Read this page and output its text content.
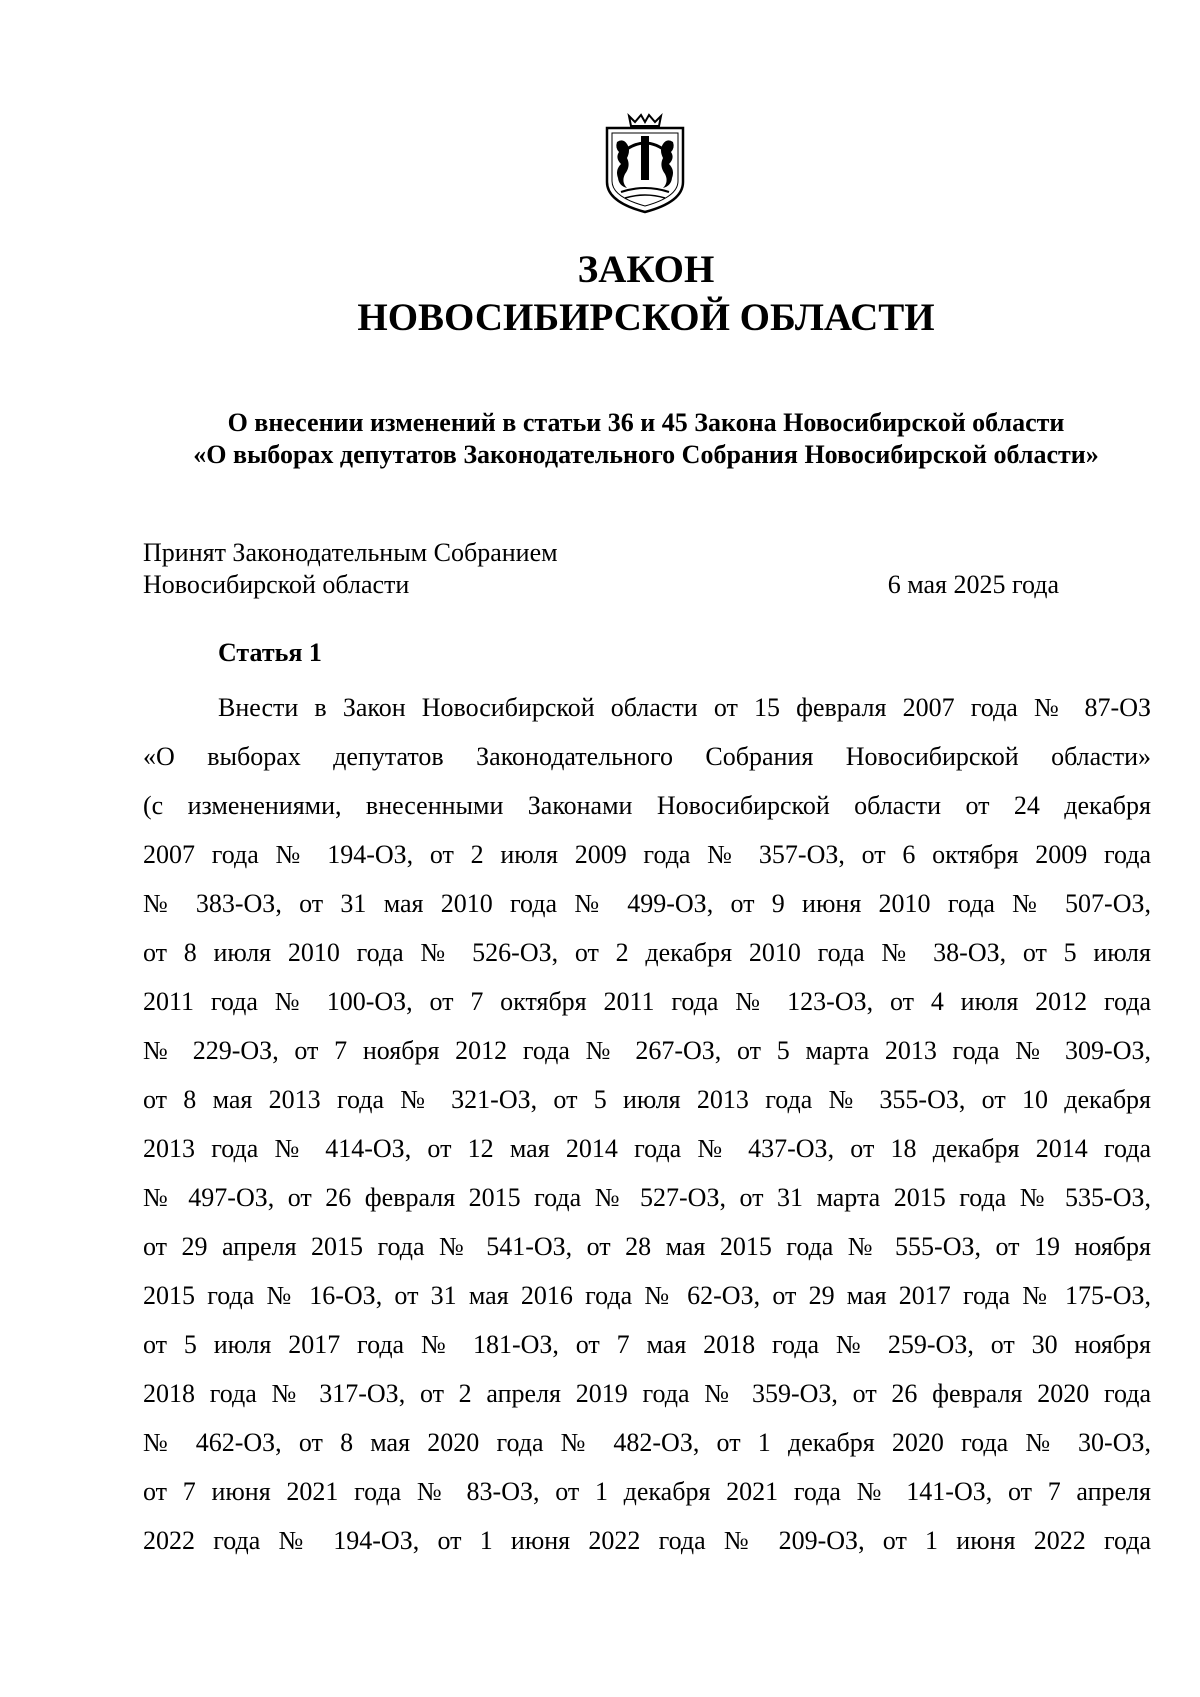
ЗАКОН
НОВОСИБИРСКОЙ ОБЛАСТИ
О внесении изменений в статьи 36 и 45 Закона Новосибирской области
«О выборах депутатов Законодательного Собрания Новосибирской области»
Принят Законодательным Собранием
Новосибирской области	6 мая 2025 года
Статья 1
Внести в Закон Новосибирской области от 15 февраля 2007 года № 87-ОЗ
«О выборах депутатов Законодательного Собрания Новосибирской области»
(с изменениями, внесенными Законами Новосибирской области от 24 декабря
2007 года № 194-ОЗ, от 2 июля 2009 года № 357-ОЗ, от 6 октября 2009 года
№ 383-ОЗ, от 31 мая 2010 года № 499-ОЗ, от 9 июня 2010 года № 507-ОЗ,
от 8 июля 2010 года № 526-ОЗ, от 2 декабря 2010 года № 38-ОЗ, от 5 июля
2011 года № 100-ОЗ, от 7 октября 2011 года № 123-ОЗ, от 4 июля 2012 года
№ 229-ОЗ, от 7 ноября 2012 года № 267-ОЗ, от 5 марта 2013 года № 309-ОЗ,
от 8 мая 2013 года № 321-ОЗ, от 5 июля 2013 года № 355-ОЗ, от 10 декабря
2013 года № 414-ОЗ, от 12 мая 2014 года № 437-ОЗ, от 18 декабря 2014 года
№ 497-ОЗ, от 26 февраля 2015 года № 527-ОЗ, от 31 марта 2015 года № 535-ОЗ,
от 29 апреля 2015 года № 541-ОЗ, от 28 мая 2015 года № 555-ОЗ, от 19 ноября
2015 года № 16-ОЗ, от 31 мая 2016 года № 62-ОЗ, от 29 мая 2017 года № 175-ОЗ,
от 5 июля 2017 года № 181-ОЗ, от 7 мая 2018 года № 259-ОЗ, от 30 ноября
2018 года № 317-ОЗ, от 2 апреля 2019 года № 359-ОЗ, от 26 февраля 2020 года
№ 462-ОЗ, от 8 мая 2020 года № 482-ОЗ, от 1 декабря 2020 года № 30-ОЗ,
от 7 июня 2021 года № 83-ОЗ, от 1 декабря 2021 года № 141-ОЗ, от 7 апреля
2022 года № 194-ОЗ, от 1 июня 2022 года № 209-ОЗ, от 1 июня 2022 года
